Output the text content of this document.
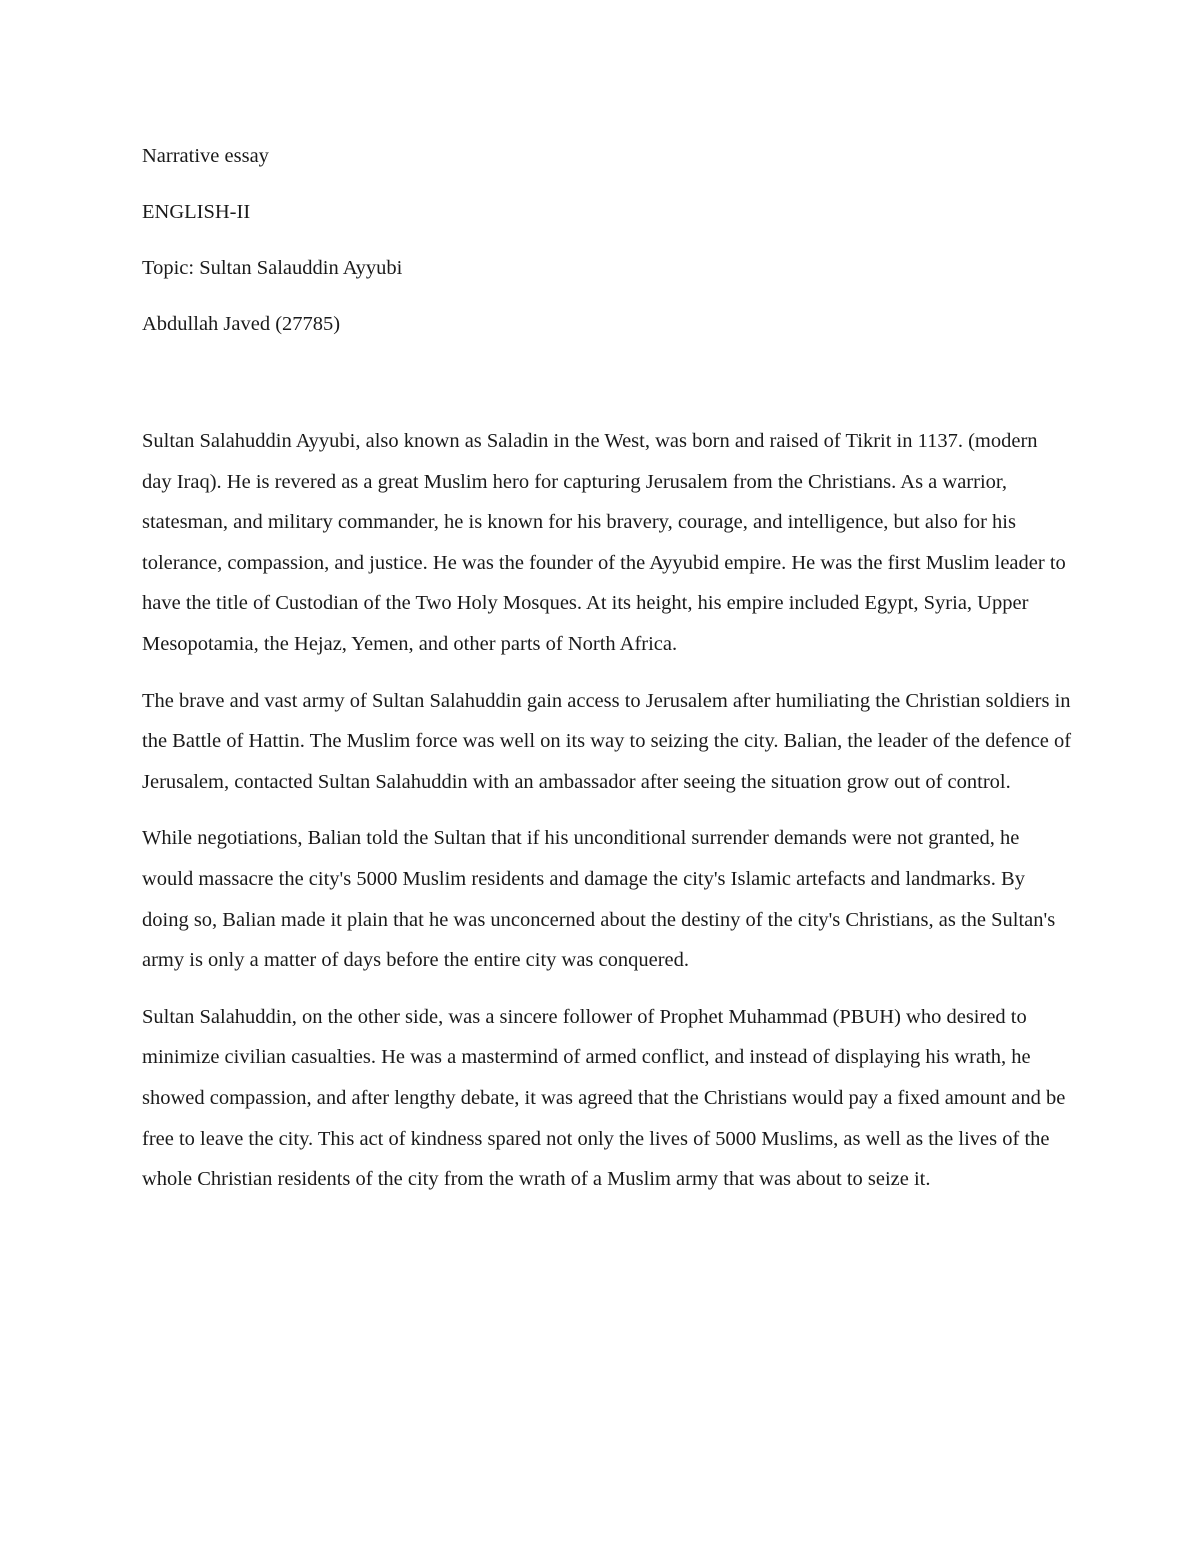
Narrative essay

ENGLISH-II

Topic: Sultan Salauddin Ayyubi

Abdullah Javed (27785)

Sultan Salahuddin Ayyubi, also known as Saladin in the West, was born and raised of Tikrit in 1137. (modern day Iraq). He is revered as a great Muslim hero for capturing Jerusalem from the Christians. As a warrior, statesman, and military commander, he is known for his bravery, courage, and intelligence, but also for his tolerance, compassion, and justice. He was the founder of the Ayyubid empire. He was the first Muslim leader to have the title of Custodian of the Two Holy Mosques. At its height, his empire included Egypt, Syria, Upper Mesopotamia, the Hejaz, Yemen, and other parts of North Africa.

The brave and vast army of Sultan Salahuddin gain access to Jerusalem after humiliating the Christian soldiers in the Battle of Hattin. The Muslim force was well on its way to seizing the city. Balian, the leader of the defence of Jerusalem, contacted Sultan Salahuddin with an ambassador after seeing the situation grow out of control.

While negotiations, Balian told the Sultan that if his unconditional surrender demands were not granted, he would massacre the city's 5000 Muslim residents and damage the city's Islamic artefacts and landmarks. By doing so, Balian made it plain that he was unconcerned about the destiny of the city's Christians, as the Sultan's army is only a matter of days before the entire city was conquered.

Sultan Salahuddin, on the other side, was a sincere follower of Prophet Muhammad (PBUH) who desired to minimize civilian casualties. He was a mastermind of armed conflict, and instead of displaying his wrath, he showed compassion, and after lengthy debate, it was agreed that the Christians would pay a fixed amount and be free to leave the city. This act of kindness spared not only the lives of 5000 Muslims, as well as the lives of the whole Christian residents of the city from the wrath of a Muslim army that was about to seize it.
